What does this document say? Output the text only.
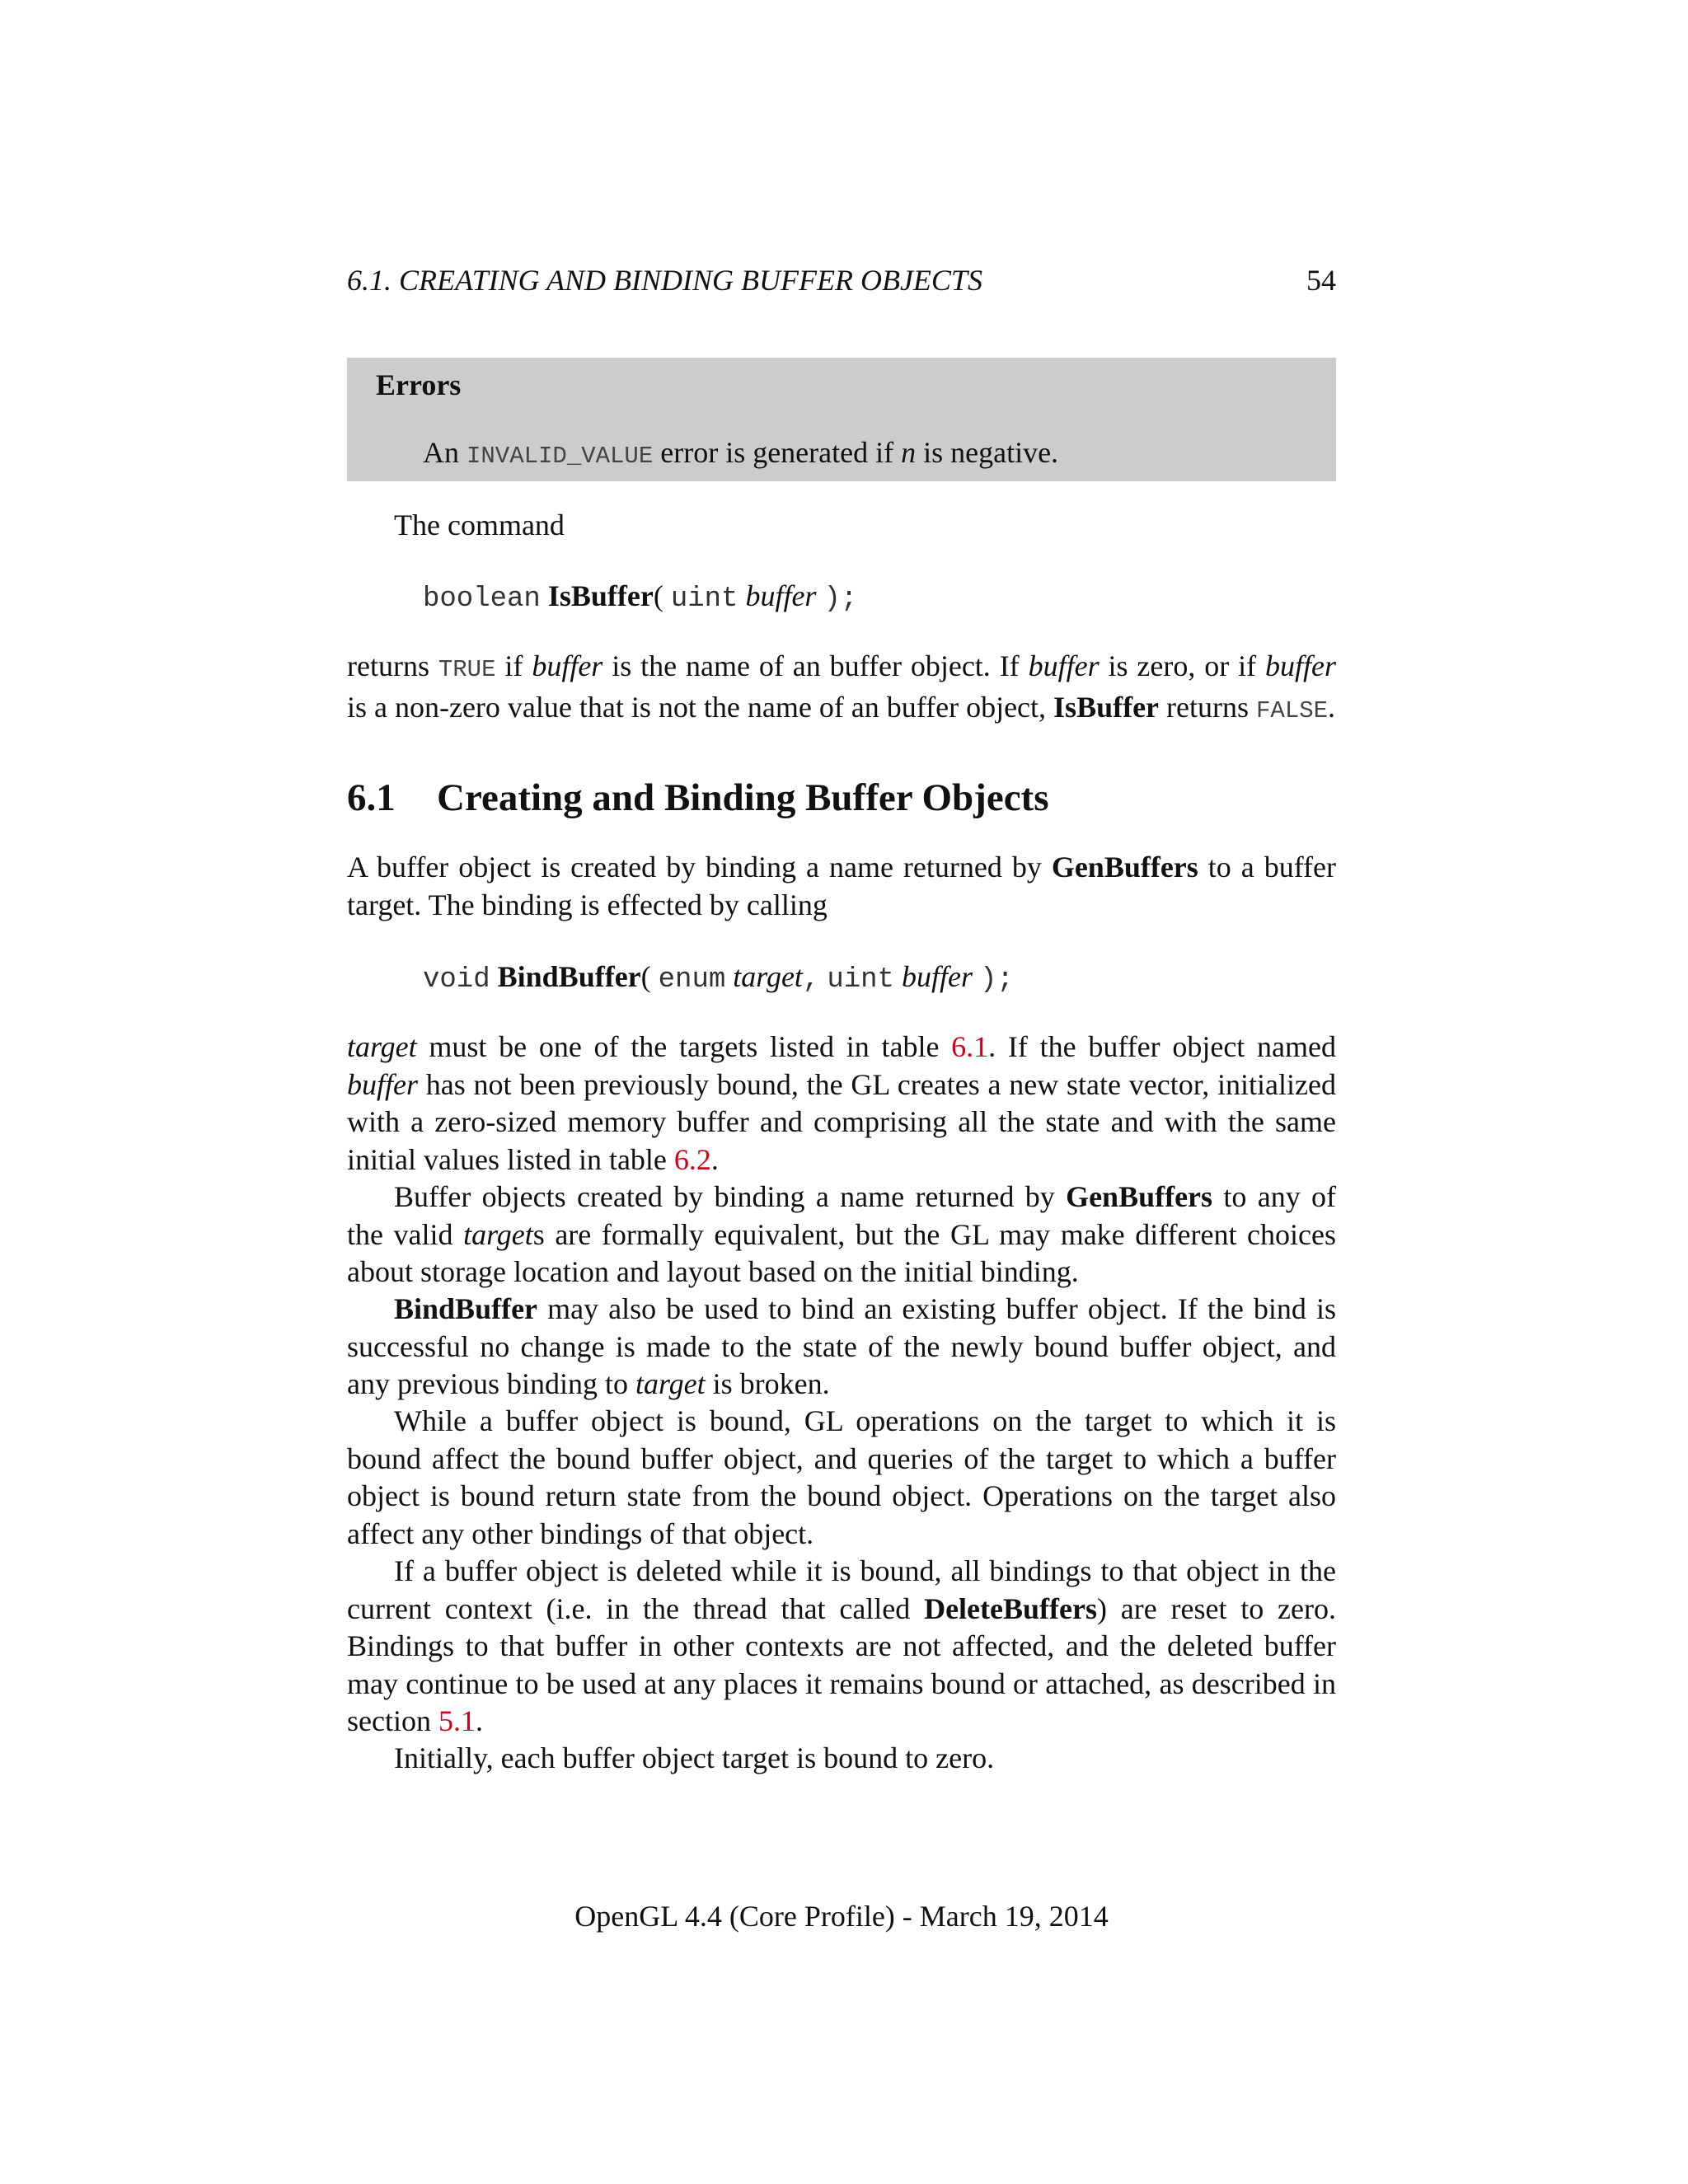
6.1. CREATING AND BINDING BUFFER OBJECTS	54
Errors
An INVALID_VALUE error is generated if n is negative.
The command
boolean IsBuffer( uint buffer );
returns TRUE if buffer is the name of an buffer object. If buffer is zero, or if buffer is a non-zero value that is not the name of an buffer object, IsBuffer returns FALSE.
6.1 Creating and Binding Buffer Objects
A buffer object is created by binding a name returned by GenBuffers to a buffer target. The binding is effected by calling
void BindBuffer( enum target, uint buffer );
target must be one of the targets listed in table 6.1. If the buffer object named buffer has not been previously bound, the GL creates a new state vector, initialized with a zero-sized memory buffer and comprising all the state and with the same initial values listed in table 6.2.
Buffer objects created by binding a name returned by GenBuffers to any of the valid targets are formally equivalent, but the GL may make different choices about storage location and layout based on the initial binding.
BindBuffer may also be used to bind an existing buffer object. If the bind is successful no change is made to the state of the newly bound buffer object, and any previous binding to target is broken.
While a buffer object is bound, GL operations on the target to which it is bound affect the bound buffer object, and queries of the target to which a buffer object is bound return state from the bound object. Operations on the target also affect any other bindings of that object.
If a buffer object is deleted while it is bound, all bindings to that object in the current context (i.e. in the thread that called DeleteBuffers) are reset to zero. Bindings to that buffer in other contexts are not affected, and the deleted buffer may continue to be used at any places it remains bound or attached, as described in section 5.1.
Initially, each buffer object target is bound to zero.
OpenGL 4.4 (Core Profile) - March 19, 2014
